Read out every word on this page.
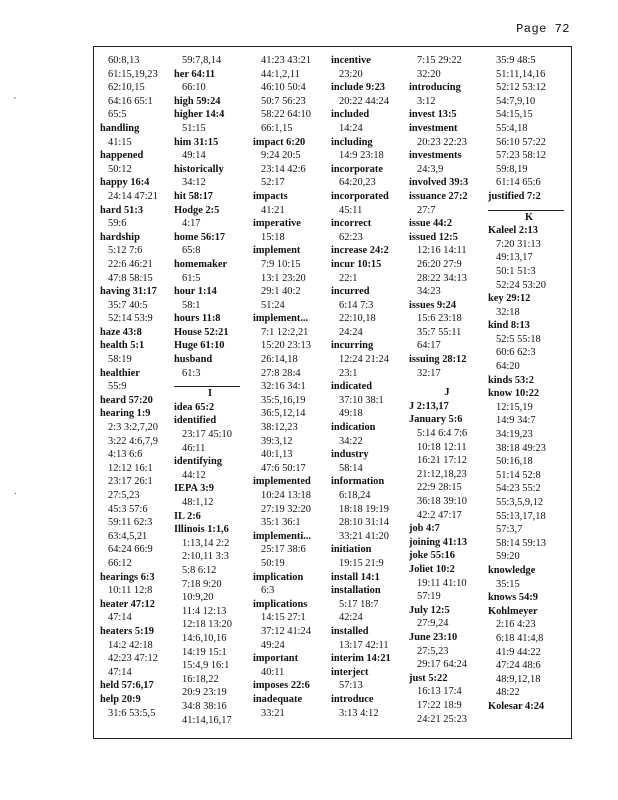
Page 72
60:8,13
61:15,19,23
62:10,15
64:16 65:1
65:5
handling
41:15
happened
50:12
happy 16:4
24:14 47:21
hard 51:3
59:6
hardship
5:12 7:6
22:6 46:21
47:8 58:15
having 31:17
35:7 40:5
52:14 53:9
haze 43:8
health 5:1
58:19
healthier
55:9
heard 57:20
hearing 1:9
2:3 3:2,7,20
3:22 4:6,7,9
4:13 6:6
12:12 16:1
23:17 26:1
27:5,23
45:3 57:6
59:11 62:3
63:4,5,21
64:24 66:9
66:12
hearings 6:3
10:11 12:8
heater 47:12
47:14
heaters 5:19
14:2 42:18
42:23 47:12
47:14
held 57:6,17
help 20:9
31:6 53:5,5
59:7,8,14
her 64:11
66:10
high 59:24
higher 14:4
51:15
him 31:15
49:14
historically
34:12
hit 58:17
Hodge 2:5
4:17
home 56:17
65:8
homemaker
61:5
hour 1:14
58:1
hours 11:8
House 52:21
Huge 61:10
husband
61:3
I
idea 65:2
identified
23:17 45:10
46:11
identifying
44:12
IEPA 3:9
48:1,12
IL 2:6
Illinois 1:1,6
1:13,14 2:2
2:10,11 3:3
5:8 6:12
7:18 9:20
10:9,20
11:4 12:13
12:18 13:20
14:6,10,16
14:19 15:1
15:4,9 16:1
16:18,22
20:9 23:19
34:8 38:16
41:14,16,17
41:23 43:21
44:1,2,11
46:10 50:4
50:7 56:23
58:22 64:10
66:1,15
impact 6:20
9:24 20:5
23:14 42:6
52:17
impacts
41:21
imperative
15:18
implement
7:9 10:15
13:1 23:20
29:1 40:2
51:24
implement...
7:1 12:2,21
15:20 23:13
26:14,18
27:8 28:4
32:16 34:1
35:5,16,19
36:5,12,14
38:12,23
39:3,12
40:1,13
47:6 50:17
implemented
10:24 13:18
27:19 32:20
35:1 36:1
implementi...
25:17 38:6
50:19
implication
6:3
implications
14:15 27:1
37:12 41:24
49:24
important
40:11
imposes 22:6
inadequate
33:21
incentive
23:20
include 9:23
20:22 44:24
included
14:24
including
14:9 23:18
incorporate
64:20,23
incorporated
45:11
incorrect
62:23
increase 24:2
incur 10:15
22:1
incurred
6:14 7:3
22:10,18
24:24
incurring
12:24 21:24
23:1
indicated
37:10 38:1
49:18
indication
34:22
industry
58:14
information
6:18,24
18:18 19:19
28:10 31:14
33:21 41:20
initiation
19:15 21:9
install 14:1
installation
5:17 18:7
42:24
installed
13:17 42:11
interim 14:21
interject
57:13
introduce
3:13 4:12
7:15 29:22
32:20
introducing
3:12
invest 13:5
investment
20:23 22:23
investments
24:3,9
involved 39:3
issuance 27:2
27:7
issue 44:2
issued 12:5
12:16 14:11
26:20 27:9
28:22 34:13
34:23
issues 9:24
15:6 23:18
35:7 55:11
64:17
issuing 28:12
32:17
J
J 2:13,17
January 5:6
5:14 6:4 7:6
10:18 12:11
16:21 17:12
21:12,18,23
22:9 28:15
36:18 39:10
42:2 47:17
job 4:7
joining 41:13
joke 55:16
Joliet 10:2
19:11 41:10
57:19
July 12:5
27:9,24
June 23:10
27:5,23
29:17 64:24
just 5:22
16:13 17:4
17:22 18:9
24:21 25:23
35:9 48:5
51:11,14,16
52:12 53:12
54:7,9,10
54:15,15
55:4,18
56:10 57:22
57:23 58:12
59:8,19
61:14 65:6
justified 7:2
K
Kaleel 2:13
7:20 31:13
49:13,17
50:1 51:3
52:24 53:20
key 29:12
32:18
kind 8:13
52:5 55:18
60:6 62:3
64:20
kinds 53:2
know 10:22
12:15,19
14:9 34:7
34:19,23
38:18 49:23
50:16,18
51:14 52:8
54:23 55:2
55:3,5,9,12
55:13,17,18
57:3,7
58:14 59:13
59:20
knowledge
35:15
knows 54:9
Kohlmeyer
2:16 4:23
6:18 41:4,8
41:9 44:22
47:24 48:6
48:9,12,18
48:22
Kolesar 4:24
'
.
